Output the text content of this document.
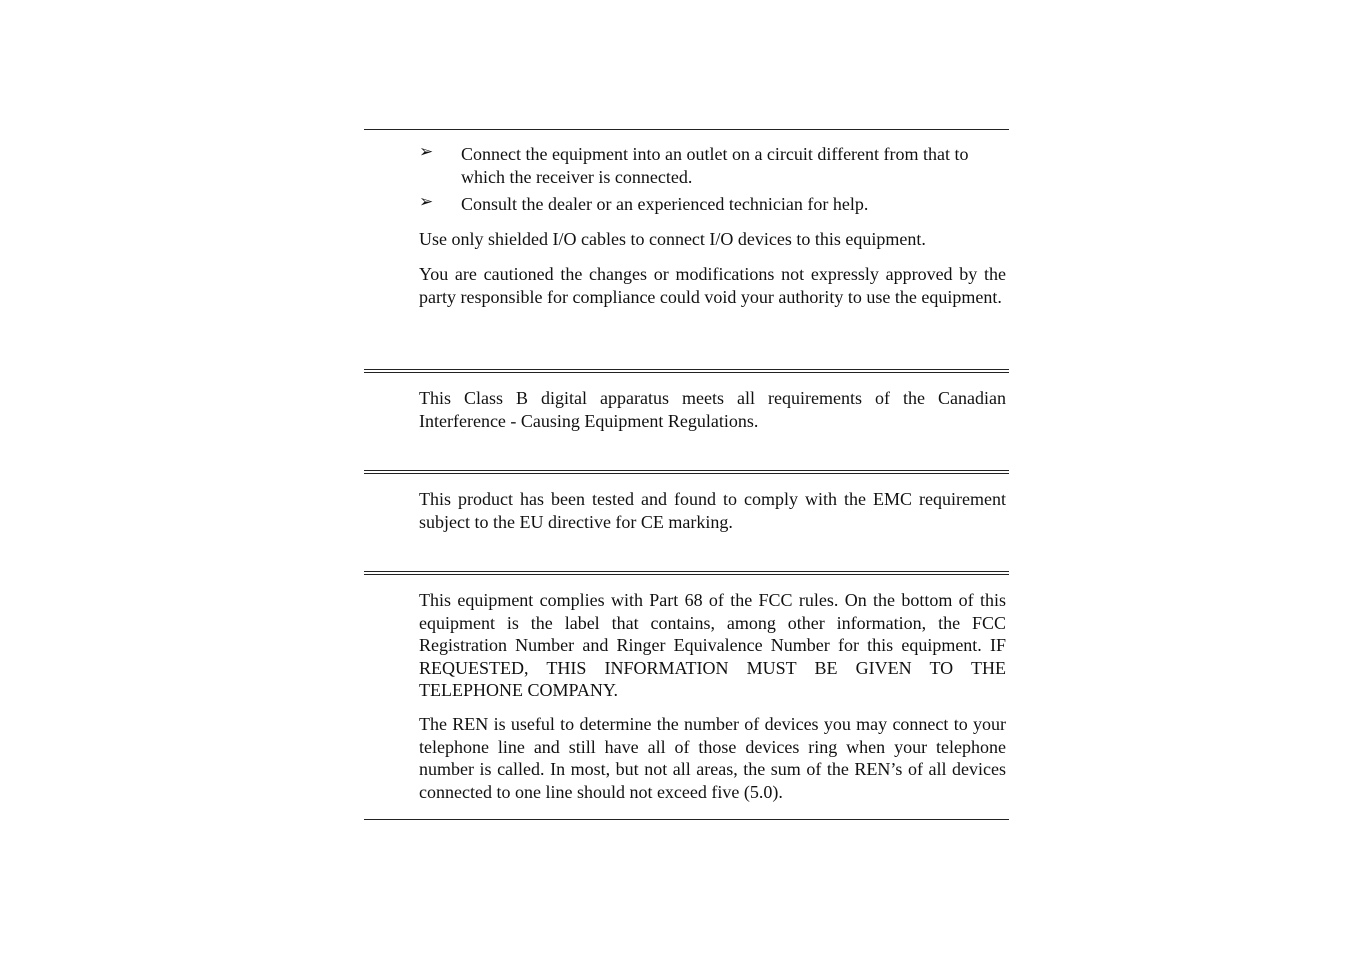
➢	Connect the equipment into an outlet on a circuit different from that to which the receiver is connected.
➢	Consult the dealer or an experienced technician for help.

Use only shielded I/O cables to connect I/O devices to this equipment.

You are cautioned the changes or modifications not expressly approved by the party responsible for compliance could void your authority to use the equipment.

This Class B digital apparatus meets all requirements of the Canadian Interference - Causing Equipment Regulations.

This product has been tested and found to comply with the EMC requirement subject to the EU directive for CE marking.

This equipment complies with Part 68 of the FCC rules. On the bottom of this equipment is the label that contains, among other information, the FCC Registration Number and Ringer Equivalence Number for this equipment. IF REQUESTED, THIS INFORMATION MUST BE GIVEN TO THE TELEPHONE COMPANY.

The REN is useful to determine the number of devices you may connect to your telephone line and still have all of those devices ring when your telephone number is called. In most, but not all areas, the sum of the REN’s of all devices connected to one line should not exceed five (5.0).
